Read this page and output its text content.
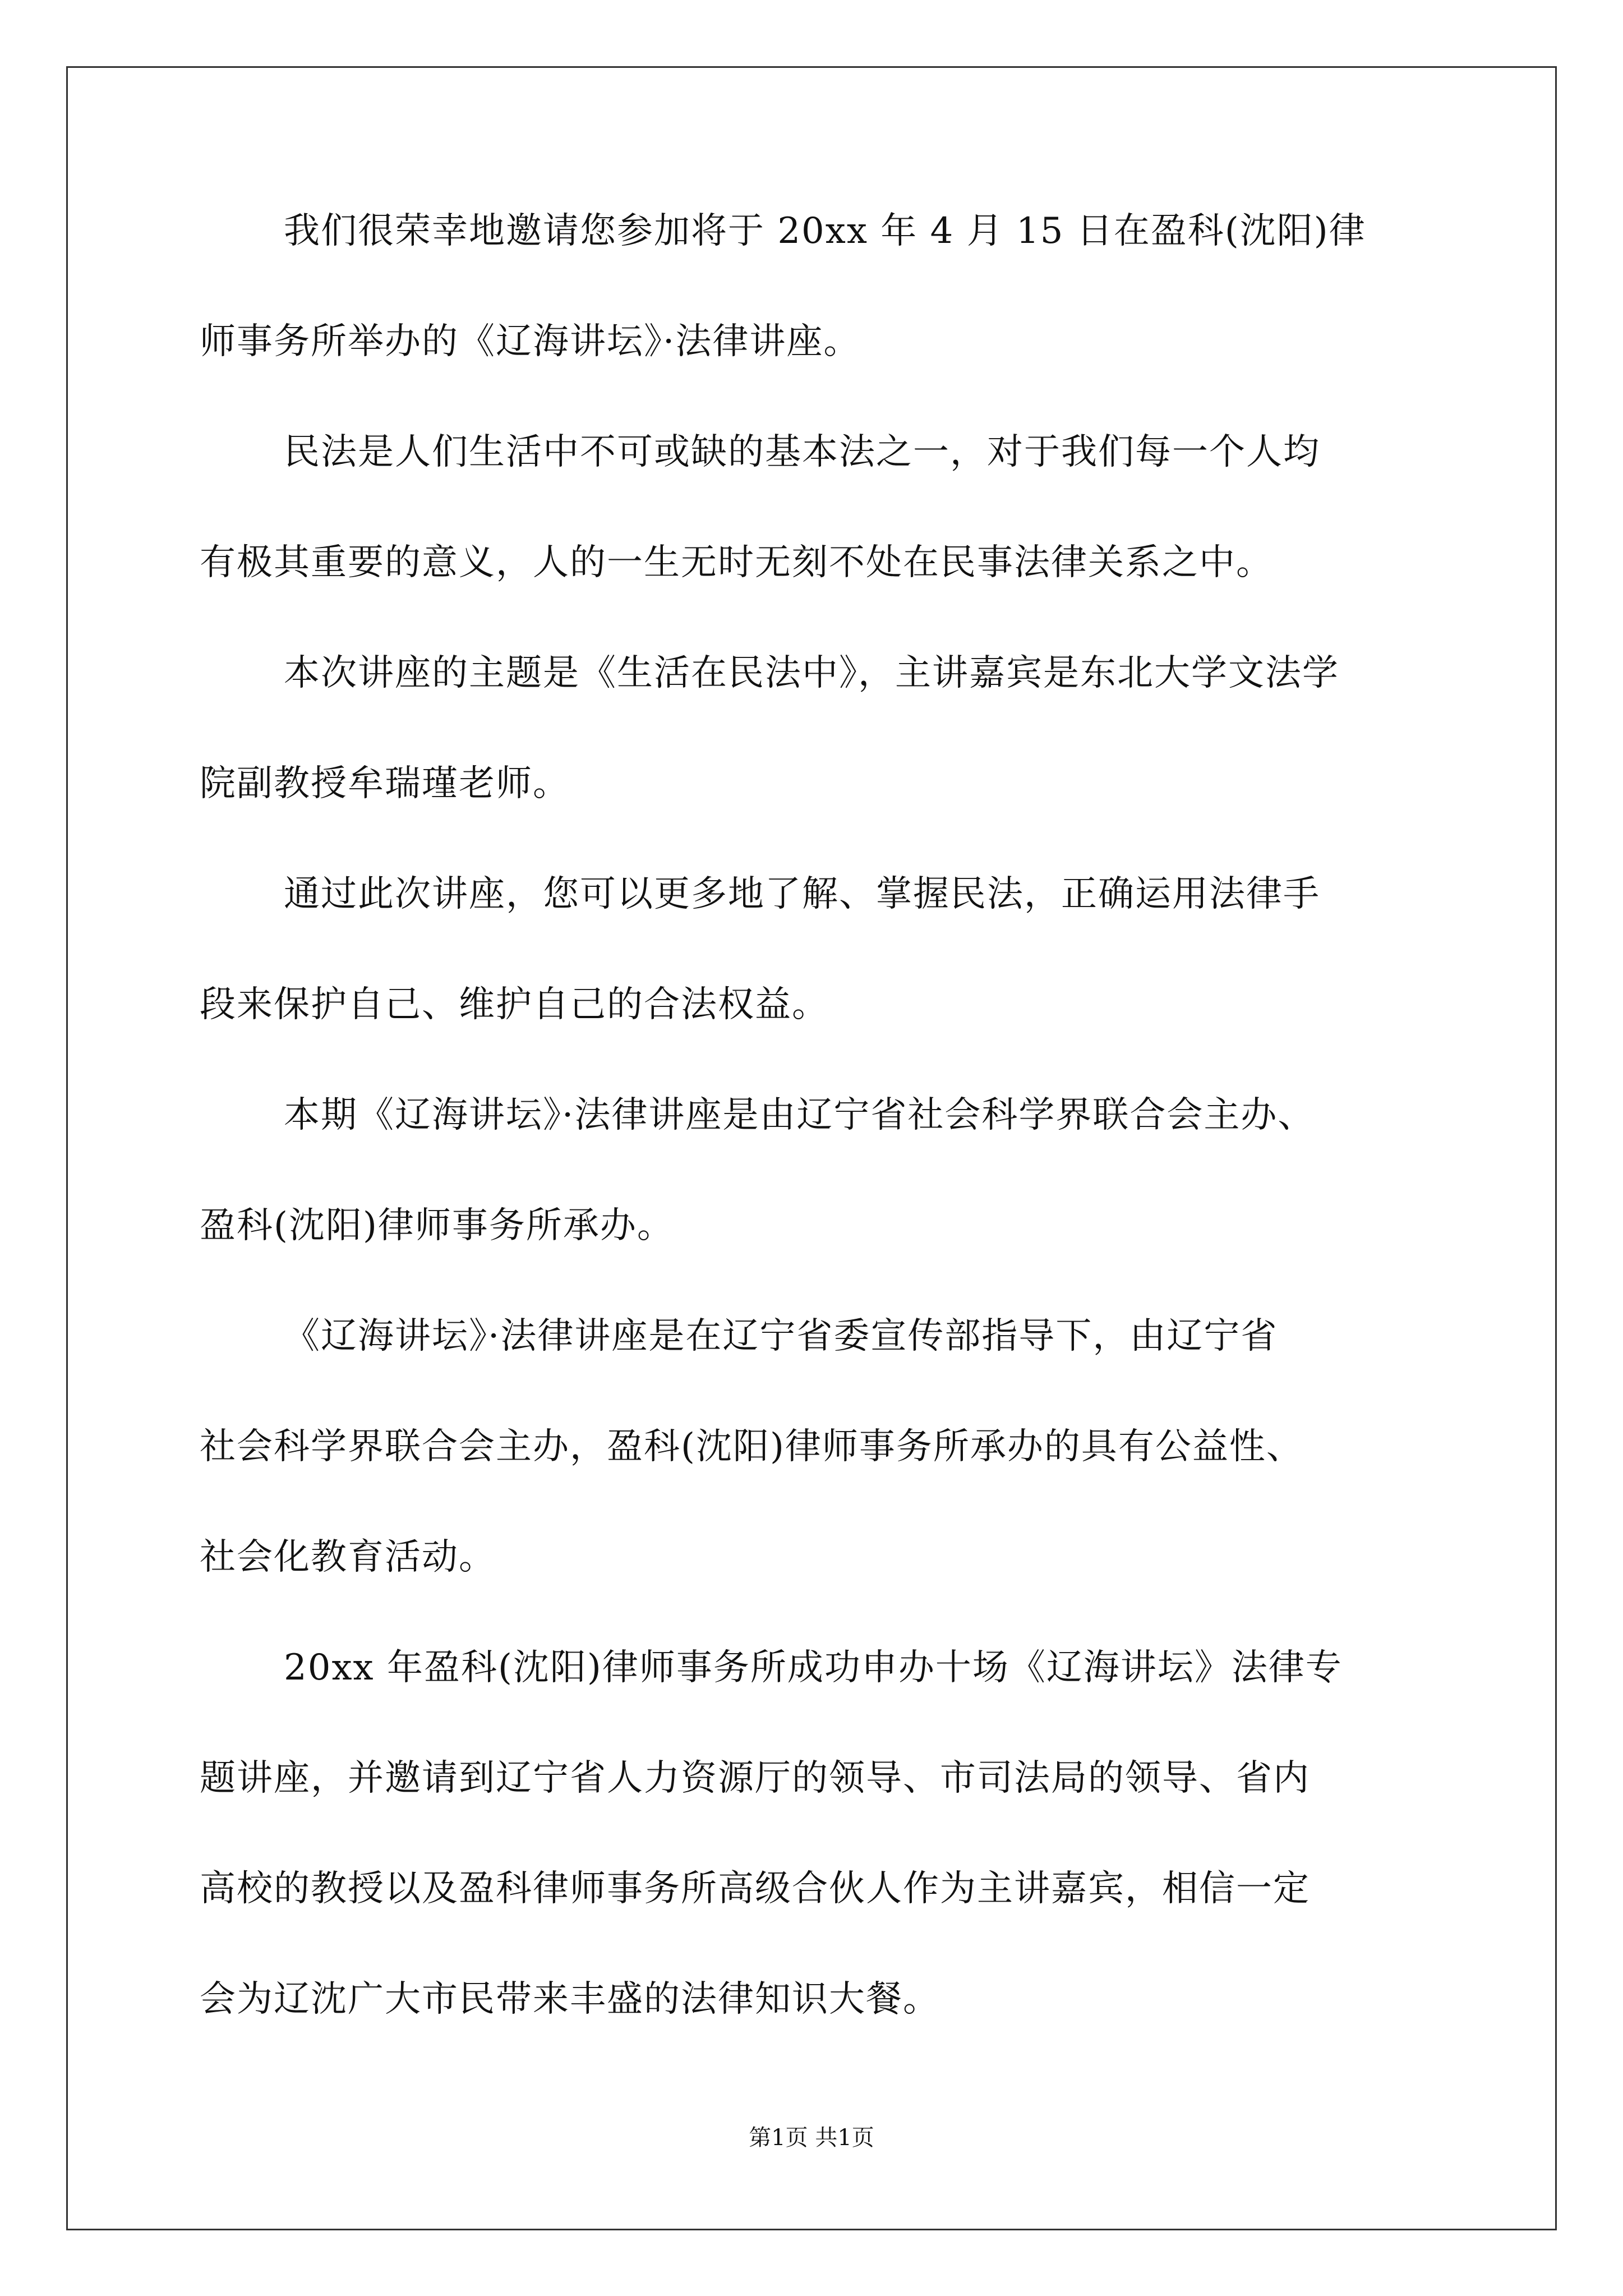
我们很荣幸地邀请您参加将于 20xx 年 4 月 15 日在盈科(沈阳)律
师事务所举办的《辽海讲坛》·法律讲座。
民法是人们生活中不可或缺的基本法之一，对于我们每一个人均
有极其重要的意义，人的一生无时无刻不处在民事法律关系之中。
本次讲座的主题是《生活在民法中》，主讲嘉宾是东北大学文法学
院副教授牟瑞瑾老师。
通过此次讲座，您可以更多地了解、掌握民法，正确运用法律手
段来保护自己、维护自己的合法权益。
本期《辽海讲坛》·法律讲座是由辽宁省社会科学界联合会主办、
盈科(沈阳)律师事务所承办。
《辽海讲坛》·法律讲座是在辽宁省委宣传部指导下，由辽宁省
社会科学界联合会主办，盈科(沈阳)律师事务所承办的具有公益性、
社会化教育活动。
20xx 年盈科(沈阳)律师事务所成功申办十场《辽海讲坛》法律专
题讲座，并邀请到辽宁省人力资源厅的领导、市司法局的领导、省内
高校的教授以及盈科律师事务所高级合伙人作为主讲嘉宾，相信一定
会为辽沈广大市民带来丰盛的法律知识大餐。
第1页 共1页
